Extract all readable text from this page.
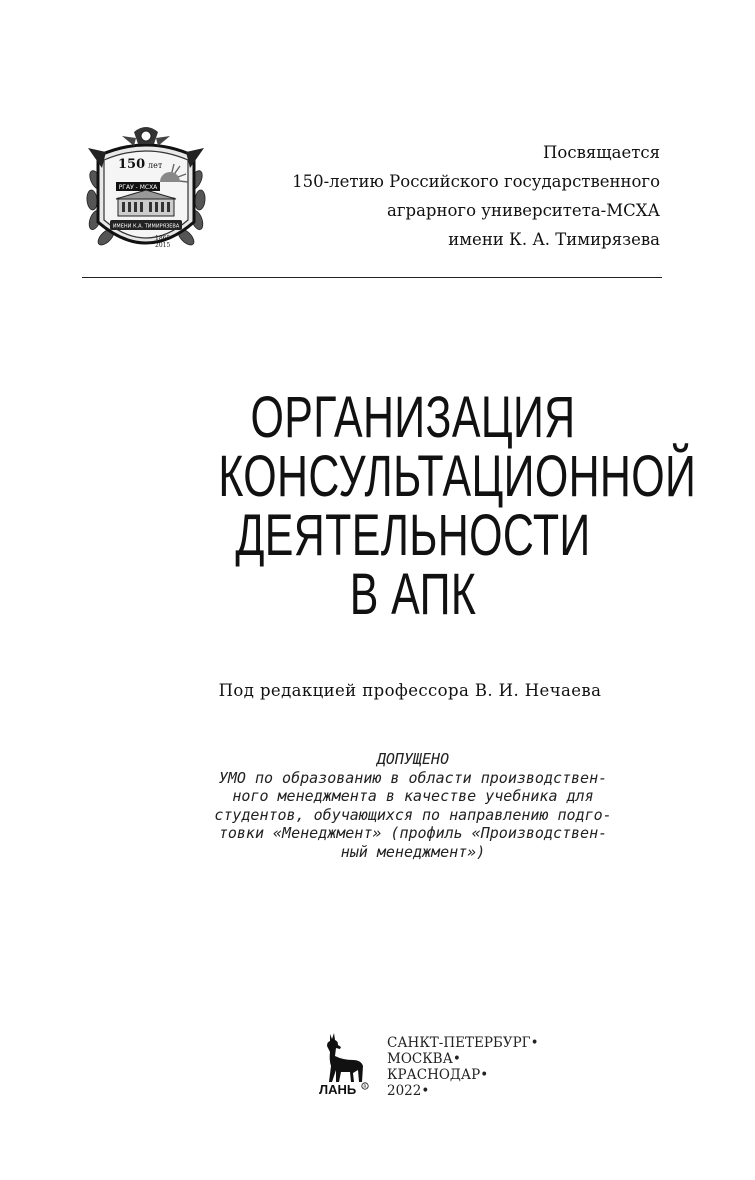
150 лет
РГАУ - МСХА
ИМЕНИ К.А. ТИМИРЯЗЕВА
1865
2015
Посвящается
150-летию Российского государственного
аграрного университета-МСХА
имени К. А. Тимирязева
ОРГАНИЗАЦИЯ
КОНСУЛЬТАЦИОННОЙ
ДЕЯТЕЛЬНОСТИ
В АПК
Под редакцией профессора В. И. Нечаева
ДОПУЩЕНО
УМО по образованию в области производствен-
ного менеджмента в качестве учебника для
студентов, обучающихся по направлению подго-
товки «Менеджмент» (профиль «Производствен-
ный менеджмент»)
ЛАНЬ R
САНКТ-ПЕТЕРБУРГ•
МОСКВА•
КРАСНОДАР•
2022•
